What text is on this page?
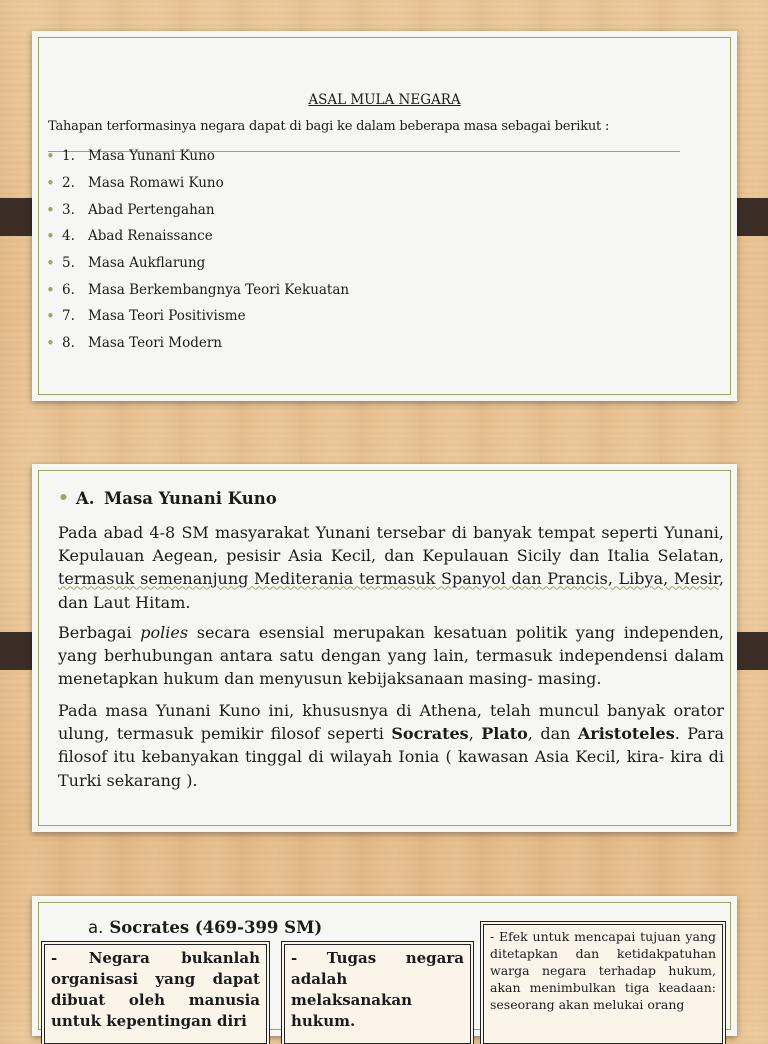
ASAL MULA NEGARA
Tahapan terformasinya negara dapat di bagi ke dalam beberapa masa sebagai berikut :
• 1. Masa Yunani Kuno
• 2. Masa Romawi Kuno
• 3. Abad Pertengahan
• 4. Abad Renaissance
• 5. Masa Aukflarung
• 6. Masa Berkembangnya Teori Kekuatan
• 7. Masa Teori Positivisme
• 8. Masa Teori Modern
• A. Masa Yunani Kuno

Pada abad 4-8 SM masyarakat Yunani tersebar di banyak tempat seperti Yunani, Kepulauan Aegean, pesisir Asia Kecil, dan Kepulauan Sicily dan Italia Selatan, termasuk semenanjung Mediterania termasuk Spanyol dan Prancis, Libya, Mesir, dan Laut Hitam.

Berbagai polies secara esensial merupakan kesatuan politik yang independen, yang berhubungan antara satu dengan yang lain, termasuk independensi dalam menetapkan hukum dan menyusun kebijaksanaan masing- masing.

Pada masa Yunani Kuno ini, khususnya di Athena, telah muncul banyak orator ulung, termasuk pemikir filosof seperti Socrates, Plato, dan Aristoteles. Para filosof itu kebanyakan tinggal di wilayah Ionia ( kawasan Asia Kecil, kira- kira di Turki sekarang ).

a. Socrates (469-399 SM)
- Negara bukanlah organisasi yang dapat dibuat oleh manusia untuk kepentingan diri
- Tugas negara adalah melaksanakan hukum.
- Efek untuk mencapai tujuan yang ditetapkan dan ketidakpatuhan warga negara terhadap hukum, akan menimbulkan tiga keadaan: seseorang akan melukai orang
